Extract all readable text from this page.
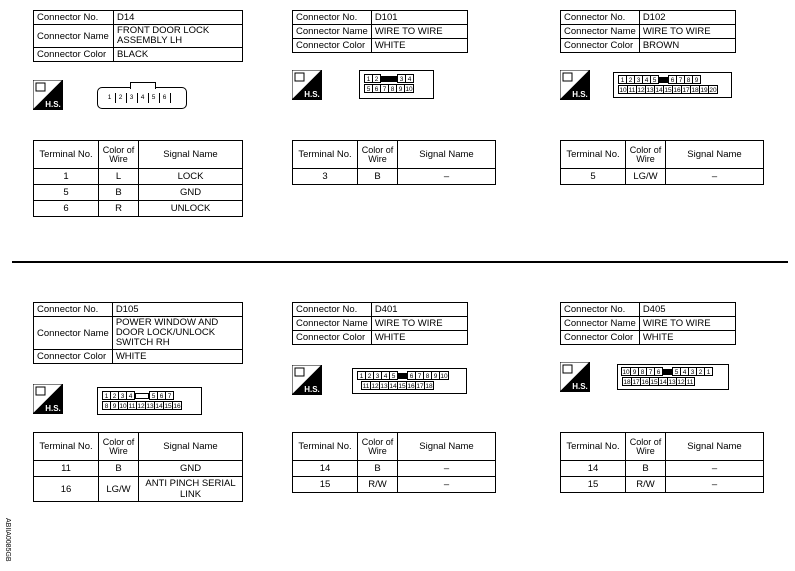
Connector No.	D14
Connector Name	FRONT DOOR LOCK ASSEMBLY LH
Connector Color	BLACK
H.S.
1	2	3	4	5	6
Terminal No.	Color of Wire	Signal Name
1	L	LOCK
5	B	GND
6	R	UNLOCK
Connector No.	D101
Connector Name	WIRE TO WIRE
Connector Color	WHITE
H.S.
1 2	3 4
5 6 7 8 9 10
Terminal No.	Color of Wire	Signal Name
3	B	–
Connector No.	D102
Connector Name	WIRE TO WIRE
Connector Color	BROWN
H.S.
1 2 3 4 5	6 7 8 9
10 11 12 13 14 15 16 17 18 19 20
Terminal No.	Color of Wire	Signal Name
5	LG/W	–
Connector No.	D105
Connector Name	POWER WINDOW AND DOOR LOCK/UNLOCK SWITCH RH
Connector Color	WHITE
H.S.
1 2 3 4	5 6 7
8 9 10 11 12 13 14 15 16
Terminal No.	Color of Wire	Signal Name
11	B	GND
16	LG/W	ANTI PINCH SERIAL LINK
Connector No.	D401
Connector Name	WIRE TO WIRE
Connector Color	WHITE
H.S.
1 2 3 4 5	6 7 8 9 10
11 12 13 14 15 16 17 18
Terminal No.	Color of Wire	Signal Name
14	B	–
15	R/W	–
Connector No.	D405
Connector Name	WIRE TO WIRE
Connector Color	WHITE
H.S.
10 9 8 7 6	5 4 3 2 1
18 17 16 15 14 13 12 11
Terminal No.	Color of Wire	Signal Name
14	B	–
15	R/W	–
ABIIA0085GB
